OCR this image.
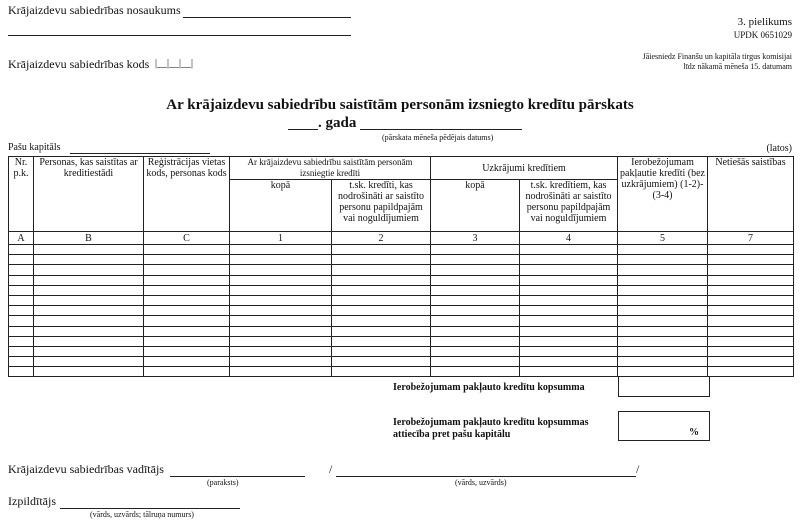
Krājaizdevu sabiedrības nosaukums
Krājaizdevu sabiedrības kods |__|__|__|
3. pielikums
UPDK 0651029
Jāiesniedz Finanšu un kapitāla tirgus komisijai
līdz nākamā mēneša 15. datumam
Ar krājaizdevu sabiedrību saistītām personām izsniegto kredītu pārskats
. gada
(pārskata mēneša pēdējais datums)
Pašu kapitāls	(latos)
Nr. p.k.	Personas, kas saistītas ar kreditiestādi	Reģistrācijas vietas kods, personas kods	Ar krājaizdevu sabiedrību saistītām personām izsniegtie kredīti		Uzkrājumi kredītiem		Ierobežojumam pakļautie kredīti (bez uzkrājumiem) (1-2)-(3-4)	Netiešās saistības
			kopā	t.sk. kredīti, kas nodrošināti ar saistīto personu papildpajām vai noguldījumiem	kopā	t.sk. kredītiem, kas nodrošināti ar saistīto personu papildpajām vai noguldījumiem		
A	B	C	1	2	3	4	5	7

Ierobežojumam pakļauto kredītu kopsumma
Ierobežojumam pakļauto kredītu kopsummas
attiecība pret pašu kapitālu	%
Krājaizdevu sabiedrības vadītājs
(paraksts)
/	/
(vārds, uzvārds)
Izpildītājs
(vārds, uzvārds; tālruņa numurs)
